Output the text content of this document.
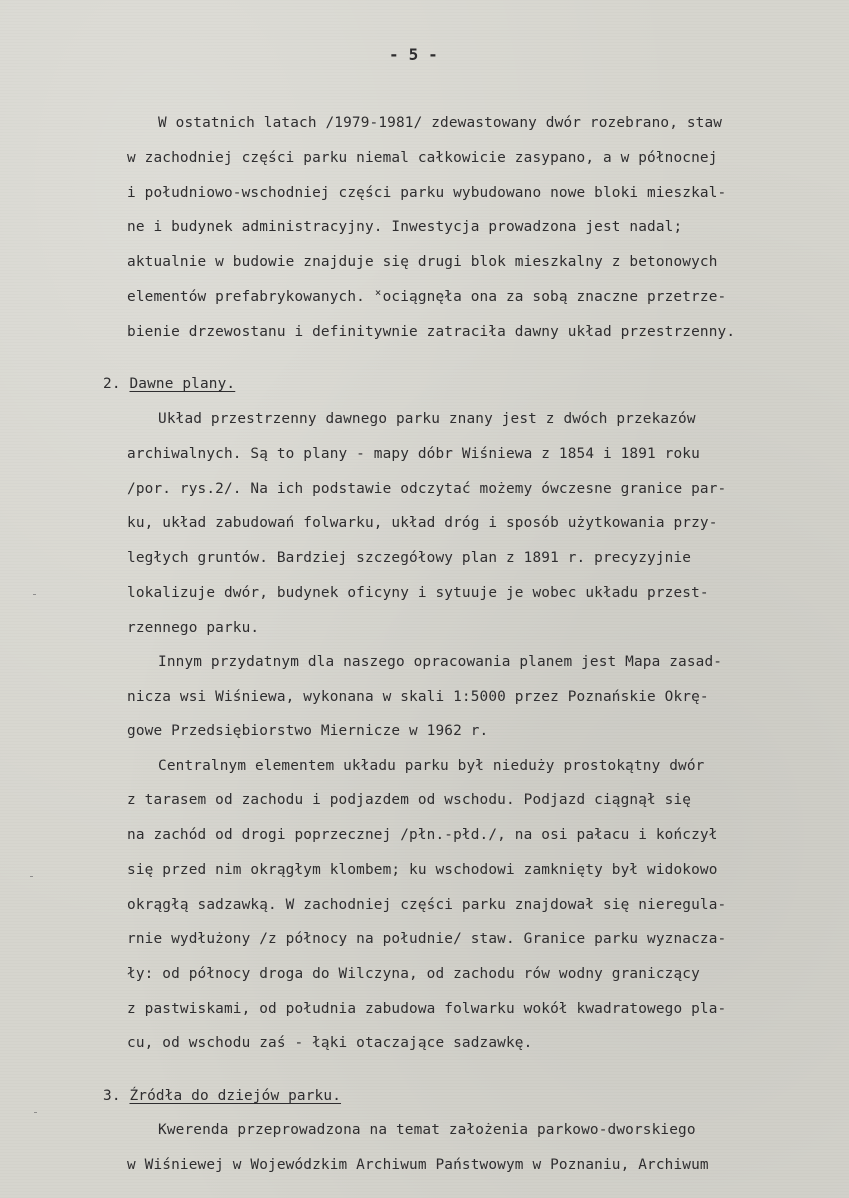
- 5 -
W ostatnich latach /1979-1981/ zdewastowany dwór rozebrano, staw
w zachodniej części parku niemal całkowicie zasypano, a w północnej
i południowo-wschodniej części parku wybudowano nowe bloki mieszkal-
ne i budynek administracyjny. Inwestycja prowadzona jest nadal;
aktualnie w budowie znajduje się drugi blok mieszkalny z betonowych
elementów prefabrykowanych. ˟ociągnęła ona za sobą znaczne przetrze-
bienie drzewostanu i definitywnie zatraciła dawny układ przestrzenny.
2. Dawne plany.
Układ przestrzenny dawnego parku znany jest z dwóch przekazów
archiwalnych. Są to plany - mapy dóbr Wiśniewa z 1854 i 1891 roku
/por. rys.2/. Na ich podstawie odczytać możemy ówczesne granice par-
ku, układ zabudowań folwarku, układ dróg i sposób użytkowania przy-
ległych gruntów. Bardziej szczegółowy plan z 1891 r. precyzyjnie
lokalizuje dwór, budynek oficyny i sytuuje je wobec układu przest-
rzennego parku.
Innym przydatnym dla naszego opracowania planem jest Mapa zasad-
nicza wsi Wiśniewa, wykonana w skali 1:5000 przez Poznańskie Okrę-
gowe Przedsiębiorstwo Miernicze w 1962 r.
Centralnym elementem układu parku był nieduży prostokątny dwór
z tarasem od zachodu i podjazdem od wschodu. Podjazd ciągnął się
na zachód od drogi poprzecznej /płn.-płd./, na osi pałacu i kończył
się przed nim okrągłym klombem; ku wschodowi zamknięty był widokowo
okrągłą sadzawką. W zachodniej części parku znajdował się nieregula-
rnie wydłużony /z północy na południe/ staw. Granice parku wyznacza-
ły: od północy droga do Wilczyna, od zachodu rów wodny graniczący
z pastwiskami, od południa zabudowa folwarku wokół kwadratowego pla-
cu, od wschodu zaś - łąki otaczające sadzawkę.
3. Źródła do dziejów parku.
Kwerenda przeprowadzona na temat założenia parkowo-dworskiego
w Wiśniewej w Wojewódzkim Archiwum Państwowym w Poznaniu, Archiwum
